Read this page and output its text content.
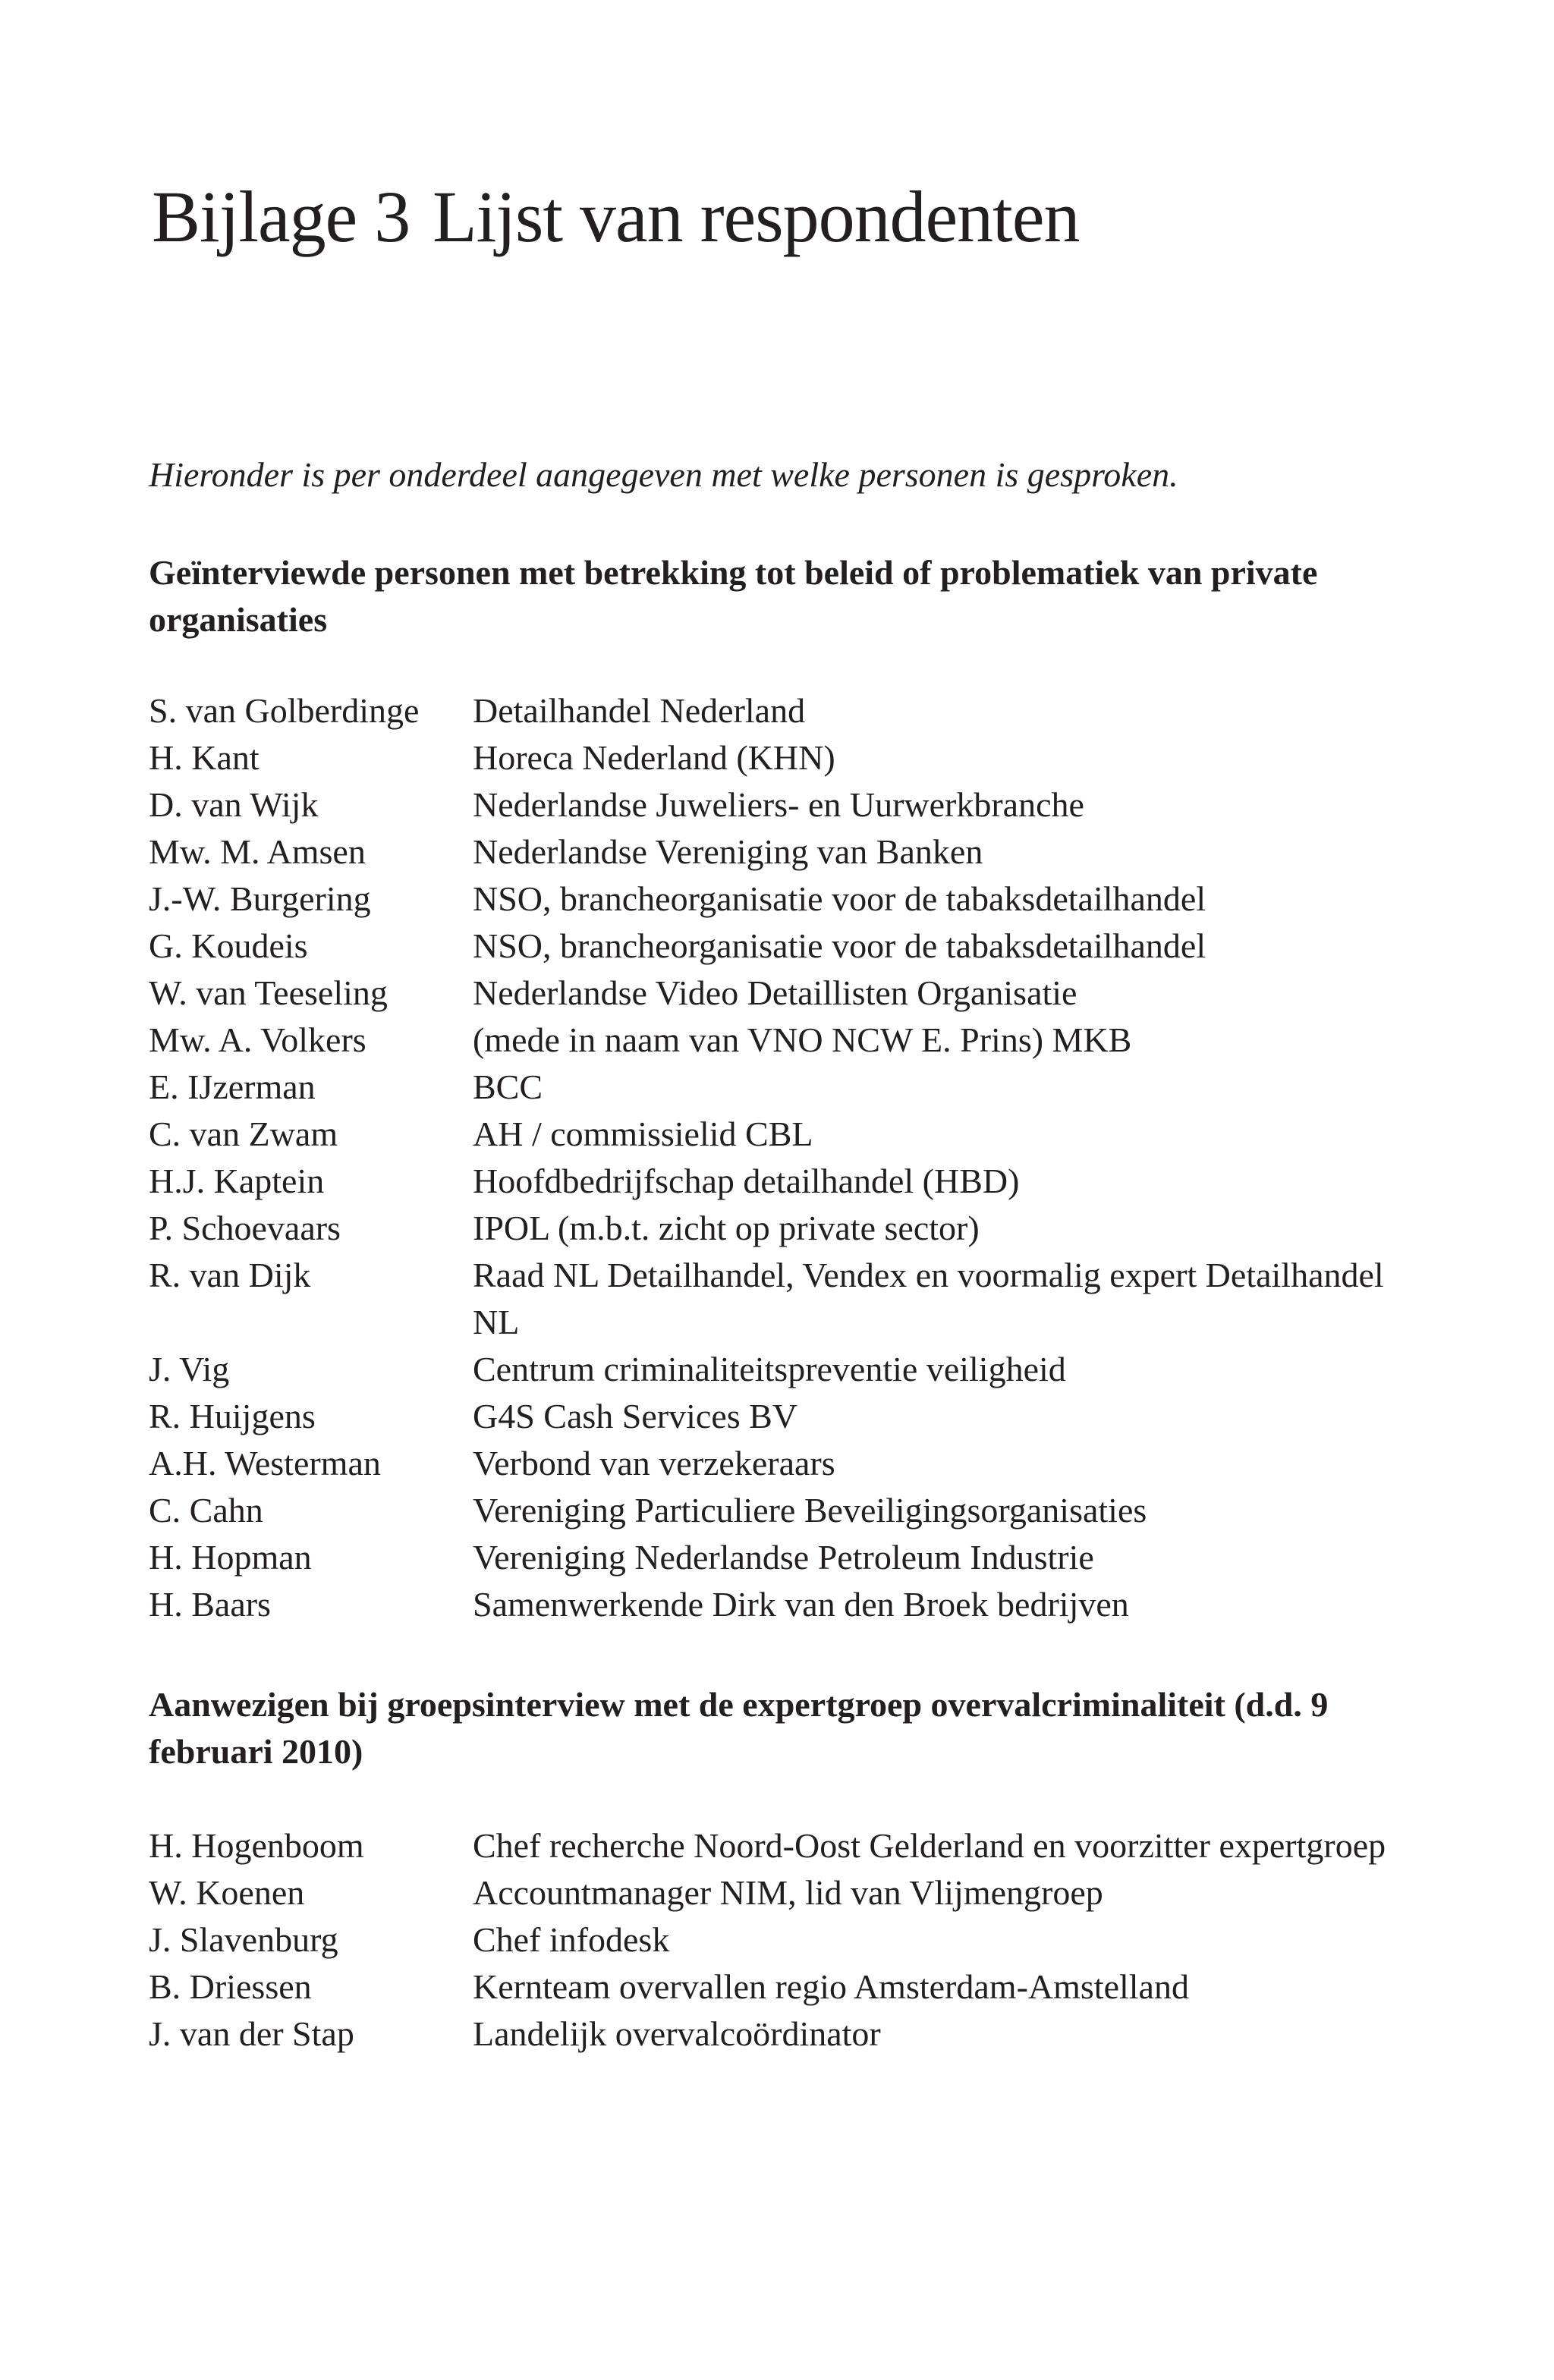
Bijlage 3 Lijst van respondenten

Hieronder is per onderdeel aangegeven met welke personen is gesproken.

Geïnterviewde personen met betrekking tot beleid of problematiek van private organisaties
S. van Golberdinge	Detailhandel Nederland
H. Kant	Horeca Nederland (KHN)
D. van Wijk	Nederlandse Juweliers- en Uurwerkbranche
Mw. M. Amsen	Nederlandse Vereniging van Banken
J.-W. Burgering	NSO, brancheorganisatie voor de tabaksdetailhandel
G. Koudeis	NSO, brancheorganisatie voor de tabaksdetailhandel
W. van Teeseling	Nederlandse Video Detaillisten Organisatie
Mw. A. Volkers	(mede in naam van VNO NCW E. Prins) MKB
E. IJzerman	BCC
C. van Zwam	AH / commissielid CBL
H.J. Kaptein	Hoofdbedrijfschap detailhandel (HBD)
P. Schoevaars	IPOL (m.b.t. zicht op private sector)
R. van Dijk	Raad NL Detailhandel, Vendex en voormalig expert Detailhandel NL
J. Vig	Centrum criminaliteitspreventie veiligheid
R. Huijgens	G4S Cash Services BV
A.H. Westerman	Verbond van verzekeraars
C. Cahn	Vereniging Particuliere Beveiligingsorganisaties
H. Hopman	Vereniging Nederlandse Petroleum Industrie
H. Baars	Samenwerkende Dirk van den Broek bedrijven
Aanwezigen bij groepsinterview met de expertgroep overvalcriminaliteit (d.d. 9 februari 2010)
H. Hogenboom	Chef recherche Noord-Oost Gelderland en voorzitter expertgroep
W. Koenen	Accountmanager NIM, lid van Vlijmengroep
J. Slavenburg	Chef infodesk
B. Driessen	Kernteam overvallen regio Amsterdam-Amstelland
J. van der Stap	Landelijk overvalcoördinator
